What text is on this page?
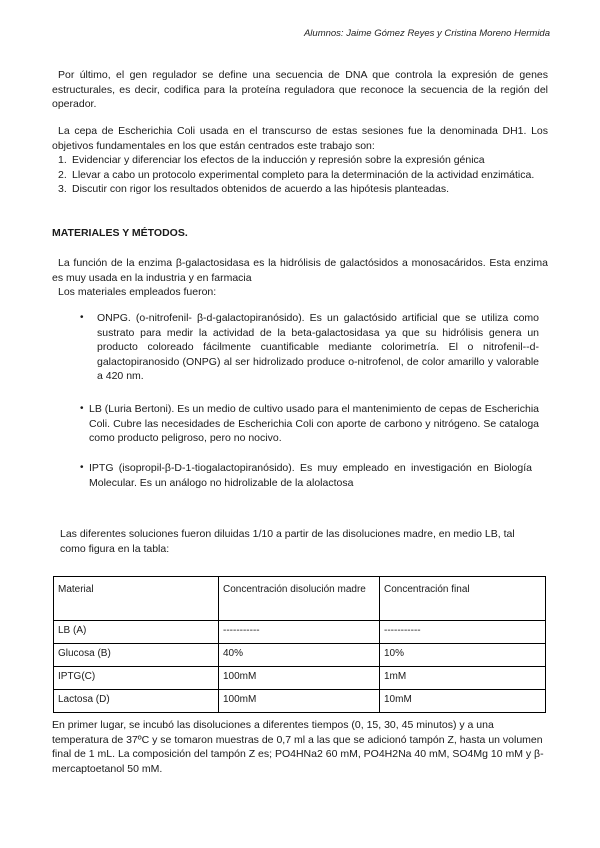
Alumnos: Jaime Gómez Reyes y Cristina Moreno Hermida

Por último, el gen regulador se define una secuencia de DNA que controla la expresión de genes estructurales, es decir, codifica para la proteína reguladora que reconoce la secuencia de la región del operador.

La cepa de Escherichia Coli usada en el transcurso de estas sesiones fue la denominada DH1. Los objetivos fundamentales en los que están centrados este trabajo son:

1. Evidenciar y diferenciar los efectos de la inducción y represión sobre la expresión génica
2. Llevar a cabo un protocolo experimental completo para la determinación de la actividad enzimática.
3. Discutir con rigor los resultados obtenidos de acuerdo a las hipótesis planteadas.
MATERIALES Y MÉTODOS.

La función de la enzima β-galactosidasa es la hidrólisis de galactósidos a monosacáridos. Esta enzima es muy usada en la industria y en farmacia

Los materiales empleados fueron:

• ONPG. (o-nitrofenil- β-d-galactopiranósido). Es un galactósido artificial que se utiliza como sustrato para medir la actividad de la beta-galactosidasa ya que su hidrólisis genera un producto coloreado fácilmente cuantificable mediante colorimetría. El o nitrofenil--d- galactopiranosido (ONPG) al ser hidrolizado produce o-nitrofenol, de color amarillo y valorable a 420 nm.
• LB (Luria Bertoni). Es un medio de cultivo usado para el mantenimiento de cepas de Escherichia Coli. Cubre las necesidades de Escherichia Coli con aporte de carbono y nitrógeno. Se cataloga como producto peligroso, pero no nocivo.
• IPTG (isopropil-β-D-1-tiogalactopiranósido). Es muy empleado en investigación en Biología Molecular. Es un análogo no hidrolizable de la alolactosa

Las diferentes soluciones fueron diluidas 1/10 a partir de las disoluciones madre, en medio LB, tal como figura en la tabla:

Material	Concentración disolución madre	Concentración final
LB (A)	-----------	-----------
Glucosa (B)	40%	10%
IPTG(C)	100mM	1mM
Lactosa (D)	100mM	10mM

En primer lugar, se incubó las disoluciones a diferentes tiempos (0, 15, 30, 45 minutos) y a una temperatura de 37ºC y se tomaron muestras de 0,7 ml a las que se adicionó tampón Z, hasta un volumen final de 1 mL. La composición del tampón Z es; PO4HNa2 60 mM, PO4H2Na 40 mM, SO4Mg 10 mM y β-mercaptoetanol 50 mM.
